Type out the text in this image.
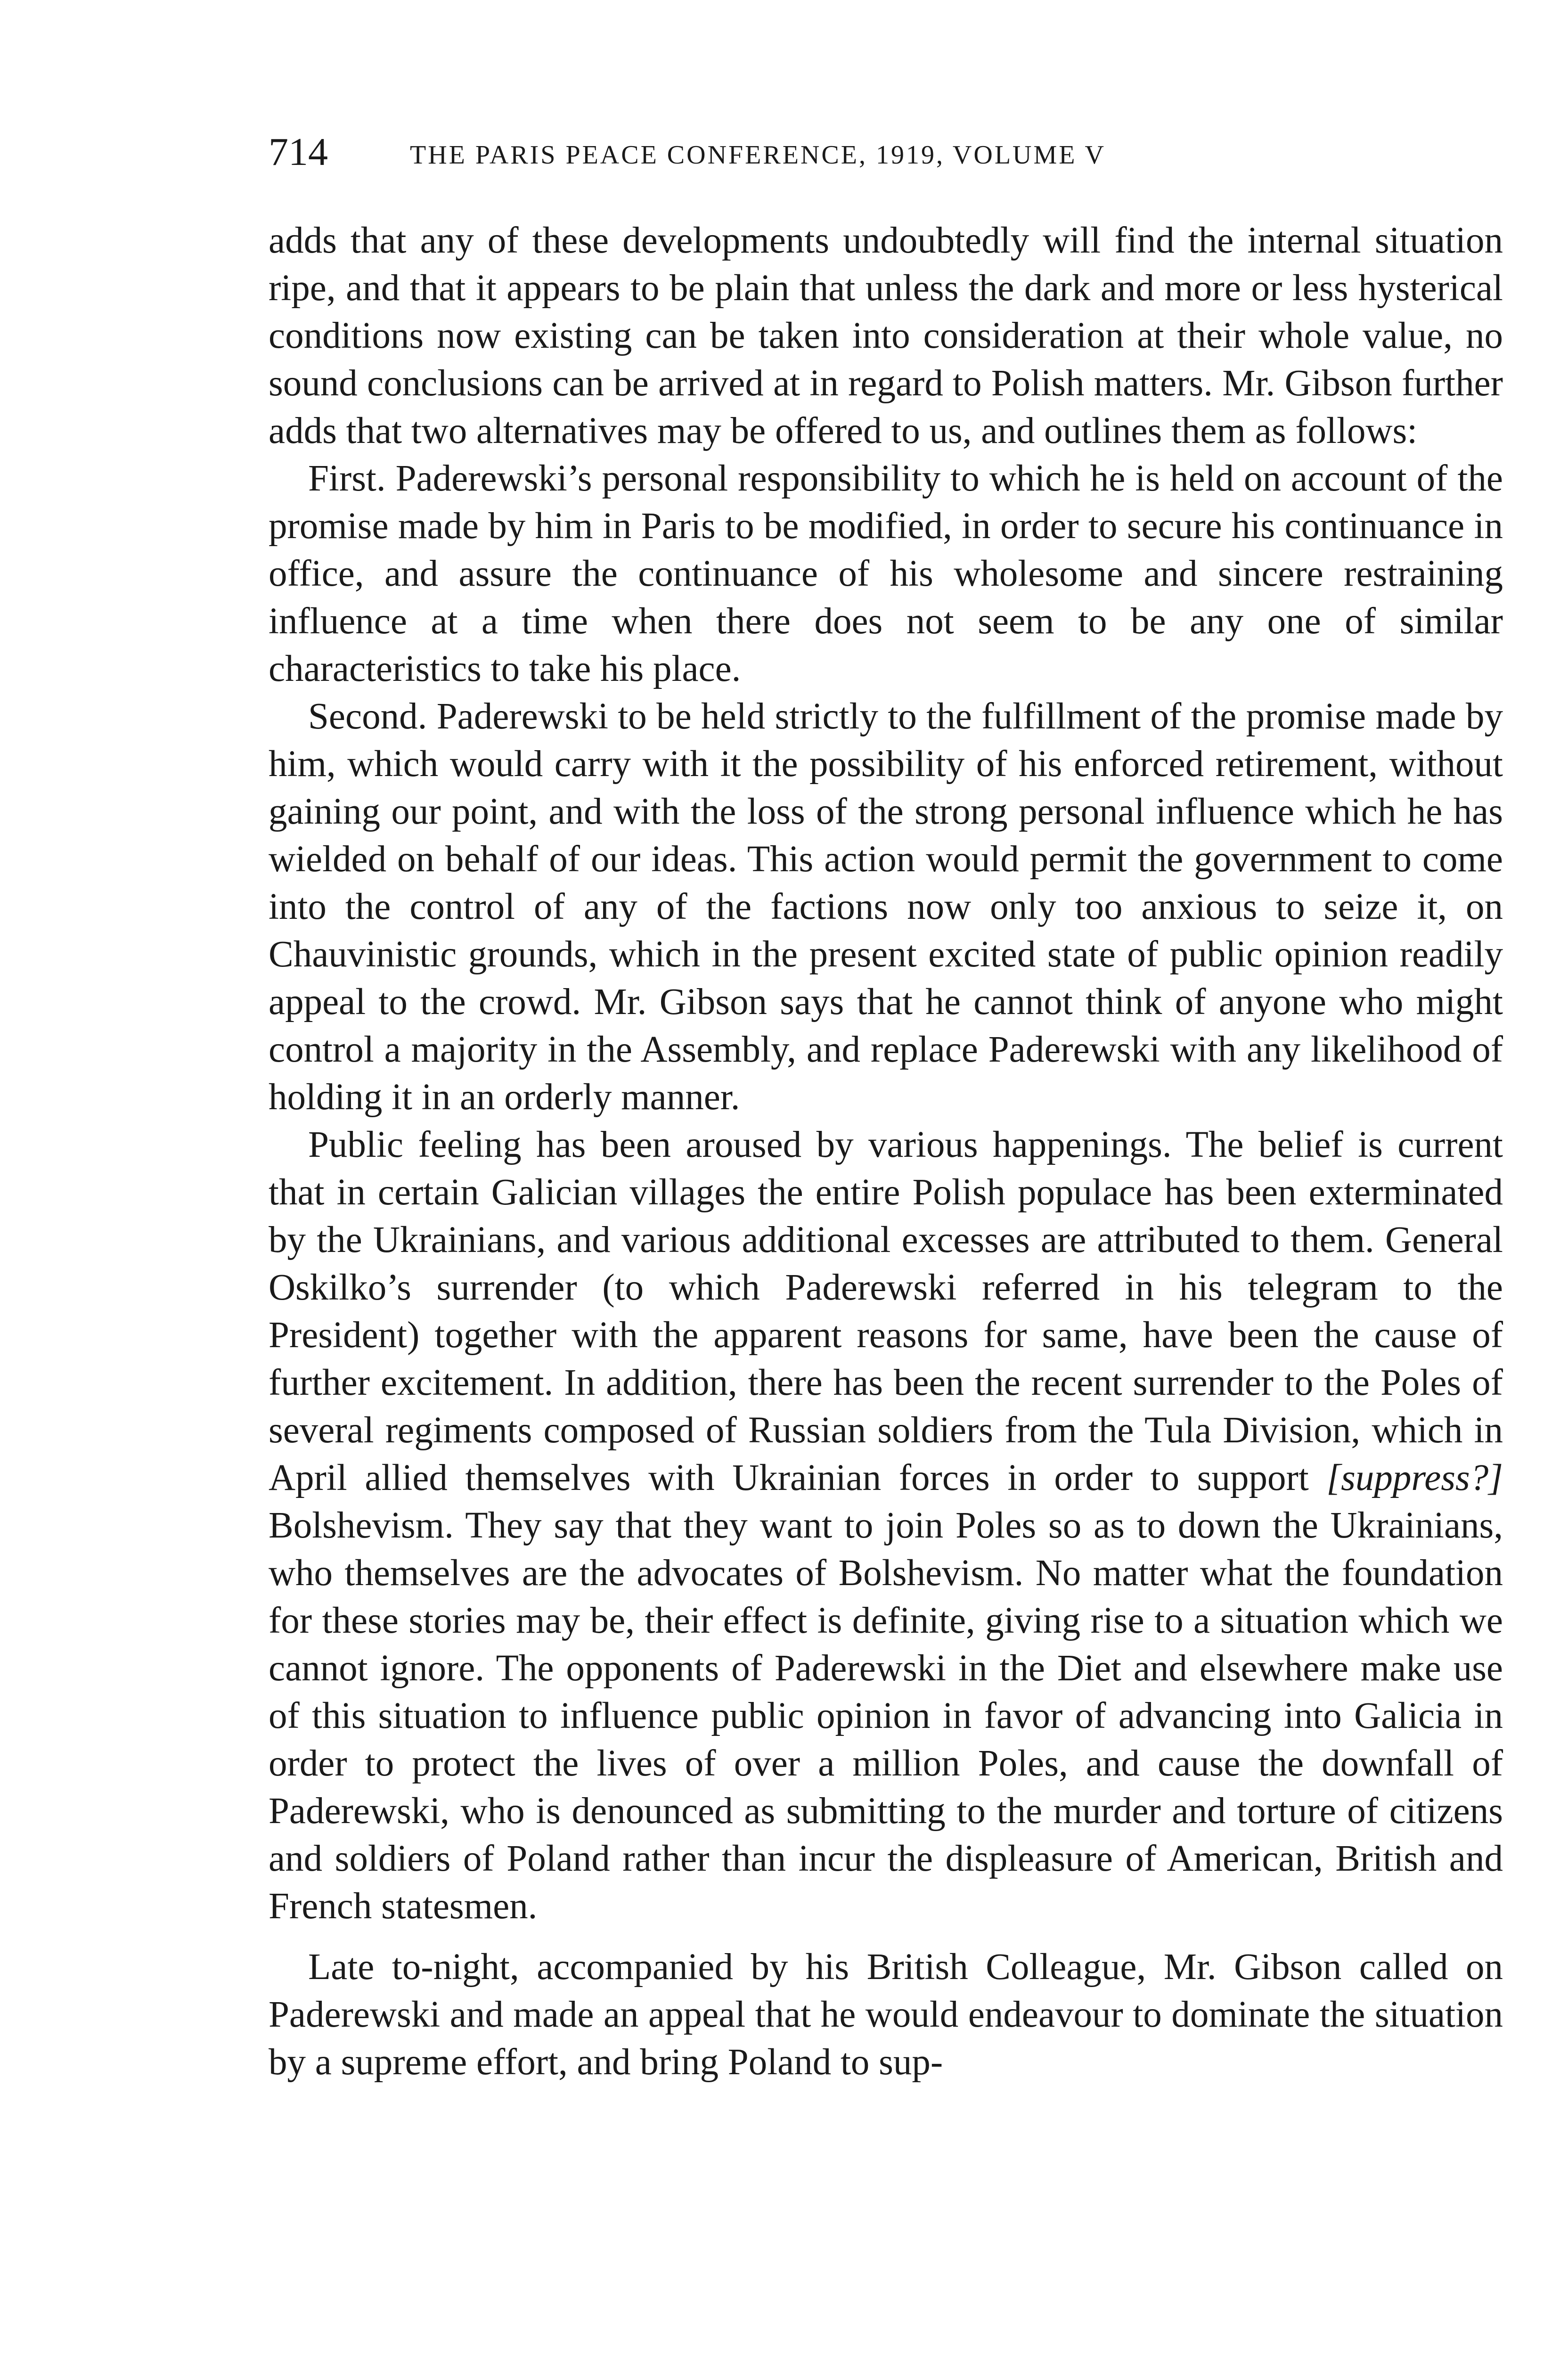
714	THE PARIS PEACE CONFERENCE, 1919, VOLUME V

adds that any of these developments undoubtedly will find the internal situation ripe, and that it appears to be plain that unless the dark and more or less hysterical conditions now existing can be taken into consideration at their whole value, no sound conclusions can be arrived at in regard to Polish matters. Mr. Gibson further adds that two alternatives may be offered to us, and outlines them as follows:

First. Paderewski’s personal responsibility to which he is held on account of the promise made by him in Paris to be modified, in order to secure his continuance in office, and assure the continuance of his wholesome and sincere restraining influence at a time when there does not seem to be any one of similar characteristics to take his place.

Second. Paderewski to be held strictly to the fulfillment of the promise made by him, which would carry with it the possibility of his enforced retirement, without gaining our point, and with the loss of the strong personal influence which he has wielded on behalf of our ideas. This action would permit the government to come into the control of any of the factions now only too anxious to seize it, on Chauvinistic grounds, which in the present excited state of public opinion readily appeal to the crowd. Mr. Gibson says that he cannot think of anyone who might control a majority in the Assembly, and replace Paderewski with any likelihood of holding it in an orderly manner.

Public feeling has been aroused by various happenings. The belief is current that in certain Galician villages the entire Polish populace has been exterminated by the Ukrainians, and various additional excesses are attributed to them. General Oskilko’s surrender (to which Paderewski referred in his telegram to the President) together with the apparent reasons for same, have been the cause of further excitement. In addition, there has been the recent surrender to the Poles of several regiments composed of Russian soldiers from the Tula Division, which in April allied themselves with Ukrainian forces in order to support [suppress?] Bolshevism. They say that they want to join Poles so as to down the Ukrainians, who themselves are the advocates of Bolshevism. No matter what the foundation for these stories may be, their effect is definite, giving rise to a situation which we cannot ignore. The opponents of Paderewski in the Diet and elsewhere make use of this situation to influence public opinion in favor of advancing into Galicia in order to protect the lives of over a million Poles, and cause the downfall of Paderewski, who is denounced as submitting to the murder and torture of citizens and soldiers of Poland rather than incur the displeasure of American, British and French statesmen.

Late to-night, accompanied by his British Colleague, Mr. Gibson called on Paderewski and made an appeal that he would endeavour to dominate the situation by a supreme effort, and bring Poland to sup-
